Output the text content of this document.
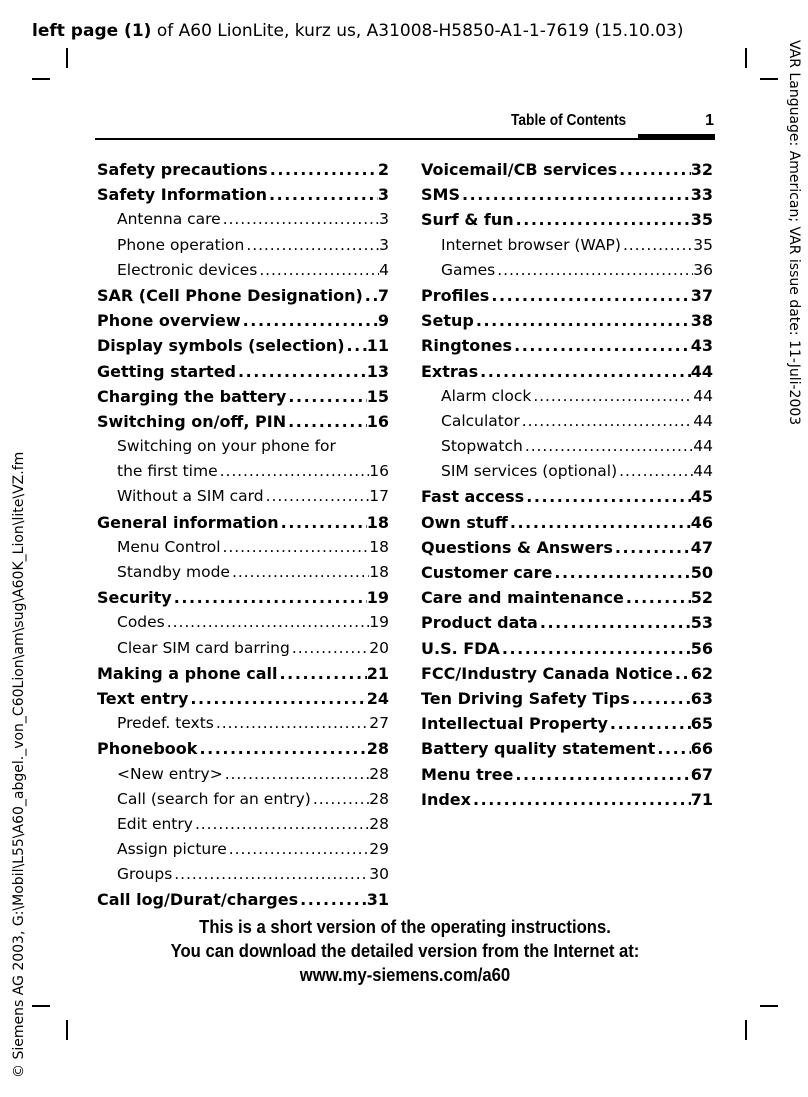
left page (1) of A60 LionLite, kurz us, A31008-H5850-A1-1-7619 (15.10.03)
VAR Language: American; VAR issue date: 11-Juli-2003
© Siemens AG 2003, G:\Mobil\L55\A60_abgel._von_C60Lion\am\sug\A60K_Lion\lite\VZ.fm
Table of Contents	1
Safety precautions . . .	2
Safety Information . . .	3
Antenna care . . .	3
Phone operation . . .	3
Electronic devices . . .	4
SAR (Cell Phone Designation) . . . 7
Phone overview . . .	9
Display symbols (selection) . . . 11
Getting started . . .	13
Charging the battery . . .	15
Switching on/off, PIN . . .	16
Switching on your phone for
the first time . . .	16
Without a SIM card . . .	17
General information . . .	18
Menu Control . . .	18
Standby mode . . .	18
Security . . .	19
Codes . . .	19
Clear SIM card barring . . .	20
Making a phone call . . .	21
Text entry . . .	24
Predef. texts . . .	27
Phonebook . . .	28
<New entry> . . .	28
Call (search for an entry) . . .	28
Edit entry . . .	28
Assign picture . . .	29
Groups . . .	30
Call log/Durat/charges . . .	31
Voicemail/CB services . . .	32
SMS . . .	33
Surf & fun . . .	35
Internet browser (WAP) . . .	35
Games . . .	36
Profiles . . .	37
Setup . . .	38
Ringtones . . .	43
Extras . . .	44
Alarm clock . . .	44
Calculator . . .	44
Stopwatch . . .	44
SIM services (optional) . . .	44
Fast access . . .	45
Own stuff . . .	46
Questions & Answers . . .	47
Customer care . . .	50
Care and maintenance . . .	52
Product data . . .	53
U.S. FDA . . .	56
FCC/Industry Canada Notice . . . 62
Ten Driving Safety Tips . . .	63
Intellectual Property . . .	65
Battery quality statement . . . 66
Menu tree . . .	67
Index . . .	71
This is a short version of the operating instructions.
You can download the detailed version from the Internet at:
www.my-siemens.com/a60
